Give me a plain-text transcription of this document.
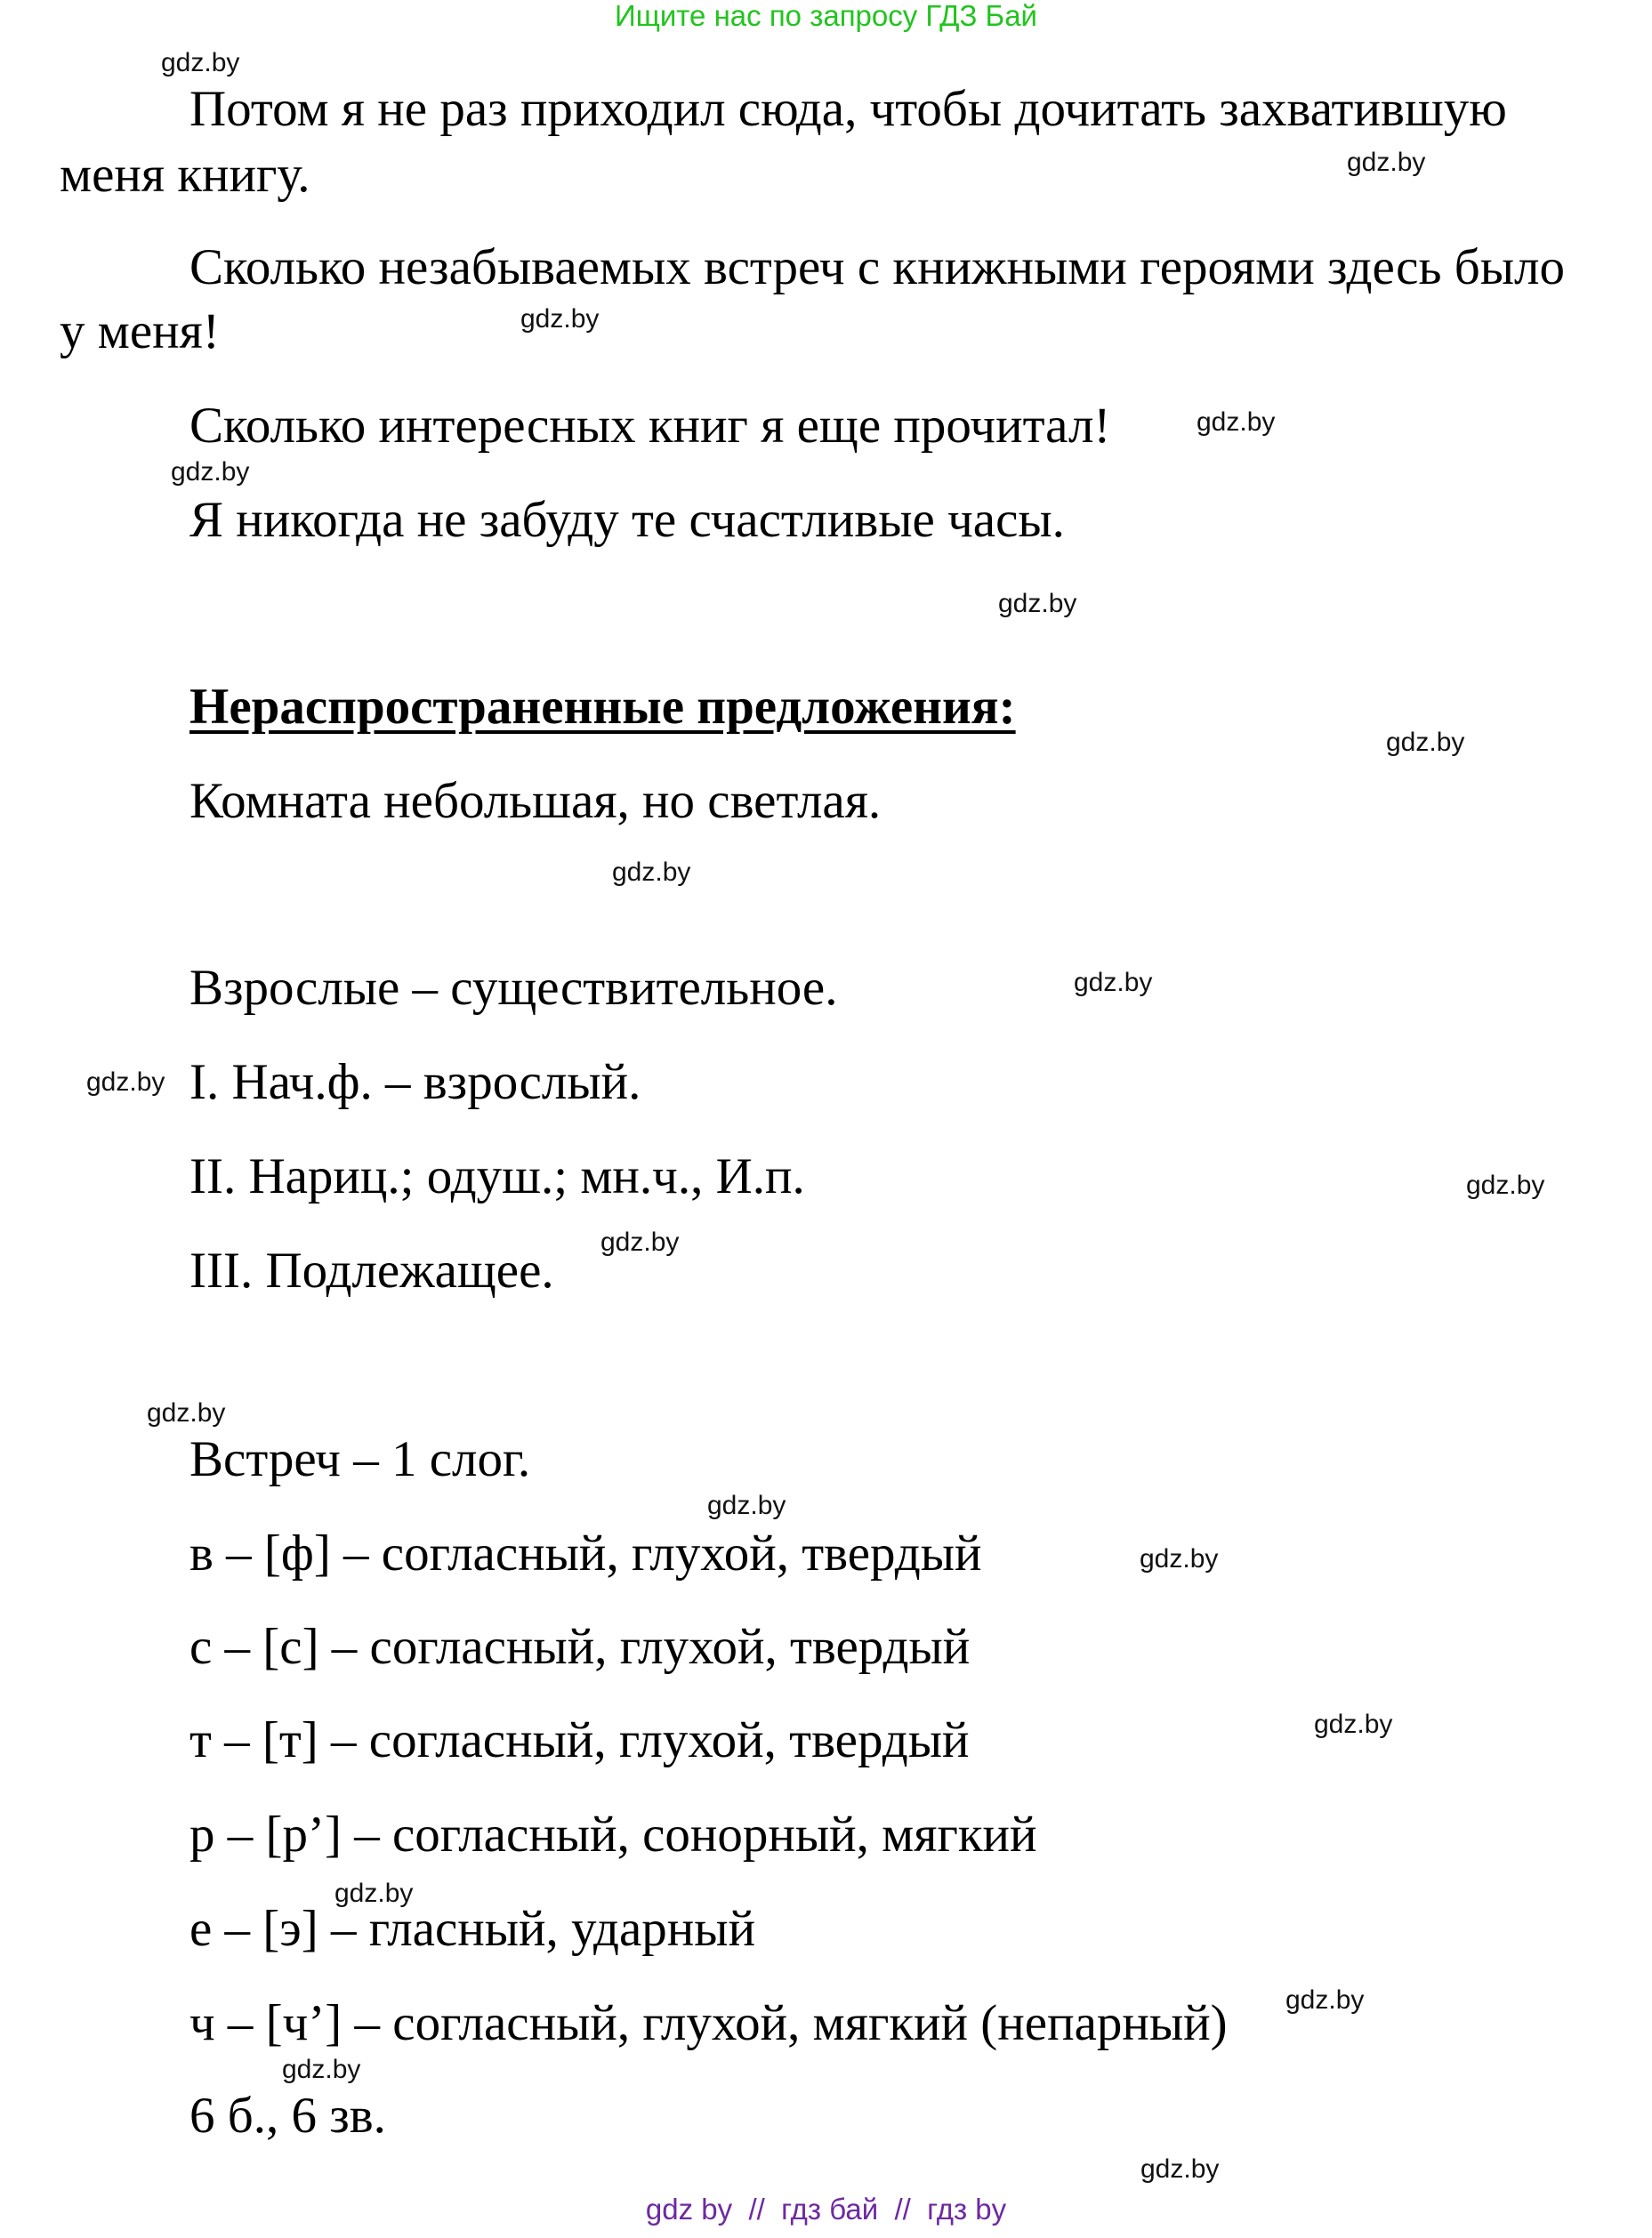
Ищите нас по запросу ГДЗ Бай
Потом я не раз приходил сюда, чтобы дочитать захватившую
меня книгу.
Сколько незабываемых встреч с книжными героями здесь было
у меня!
Сколько интересных книг я еще прочитал!
Я никогда не забуду те счастливые часы.
Нераспространенные предложения:
Комната небольшая, но светлая.
Взрослые – существительное.
I. Нач.ф. – взрослый.
II. Нариц.; одуш.; мн.ч., И.п.
III. Подлежащее.
Встреч – 1 слог.
в – [ф] – согласный, глухой, твердый
с – [с] – согласный, глухой, твердый
т – [т] – согласный, глухой, твердый
р – [р’] – согласный, сонорный, мягкий
е – [э] – гласный, ударный
ч – [ч’] – согласный, глухой, мягкий (непарный)
6 б., 6 зв.
gdz.by
gdz.by
gdz.by
gdz.by
gdz.by
gdz.by
gdz.by
gdz.by
gdz.by
gdz.by
gdz.by
gdz.by
gdz.by
gdz.by
gdz.by
gdz.by
gdz.by
gdz.by
gdz.by
gdz.by
gdz by  //  гдз бай  //  гдз by
